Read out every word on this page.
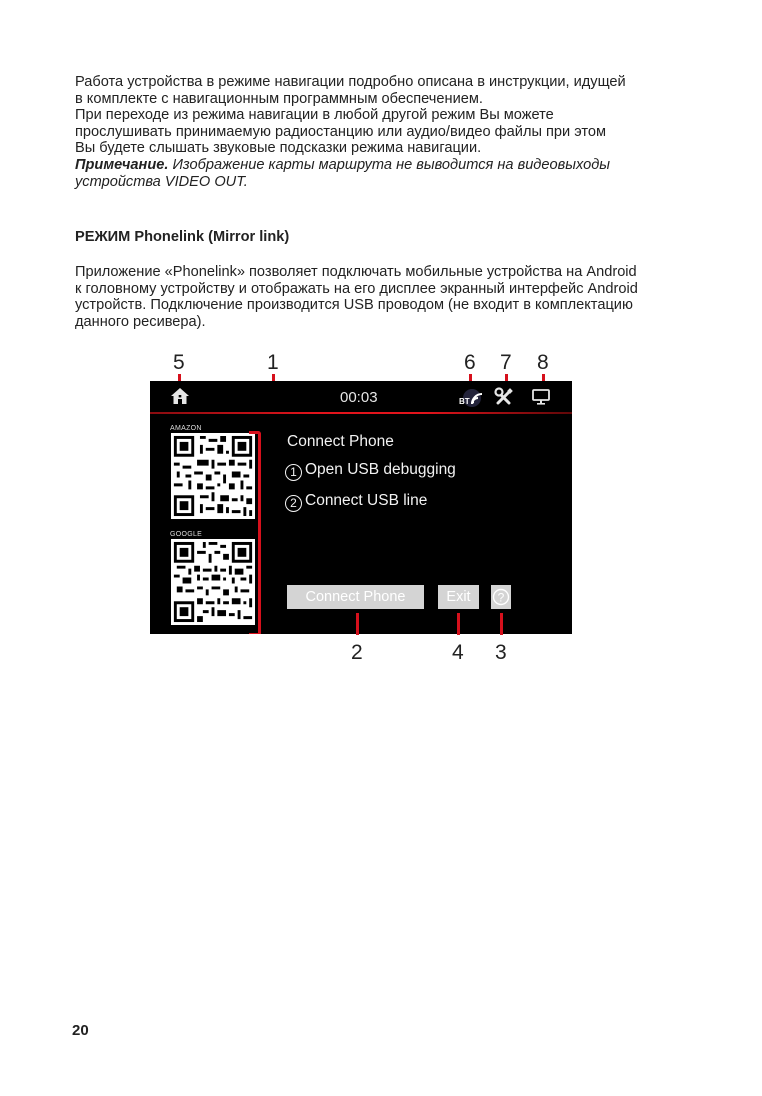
Работа устройства в режиме навигации подробно описана в инструкции, идущей
в комплекте с навигационным программным обеспечением.
При переходе из режима навигации в любой другой режим Вы можете
прослушивать принимаемую радиостанцию или аудио/видео файлы при этом
Вы будете слышать звуковые подсказки режима навигации.
Примечание. Изображение карты маршрута не выводится на видеовыходы
устройства VIDEO OUT.
РЕЖИМ Phonelink (Mirror link)
Приложение «Phonelink» позволяет подключать мобильные устройства на Android
к головному устройству и отображать на его дисплее экранный интерфейс Android
устройств. Подключение производится USB проводом (не входит в комплектацию
данного ресивера).
5	1	6 7 8
00:03	BT
AMAZON
GOOGLE
Connect Phone
1 Open USB debugging
2 Connect USB line
Connect Phone	Exit	?
2	4 3
20
